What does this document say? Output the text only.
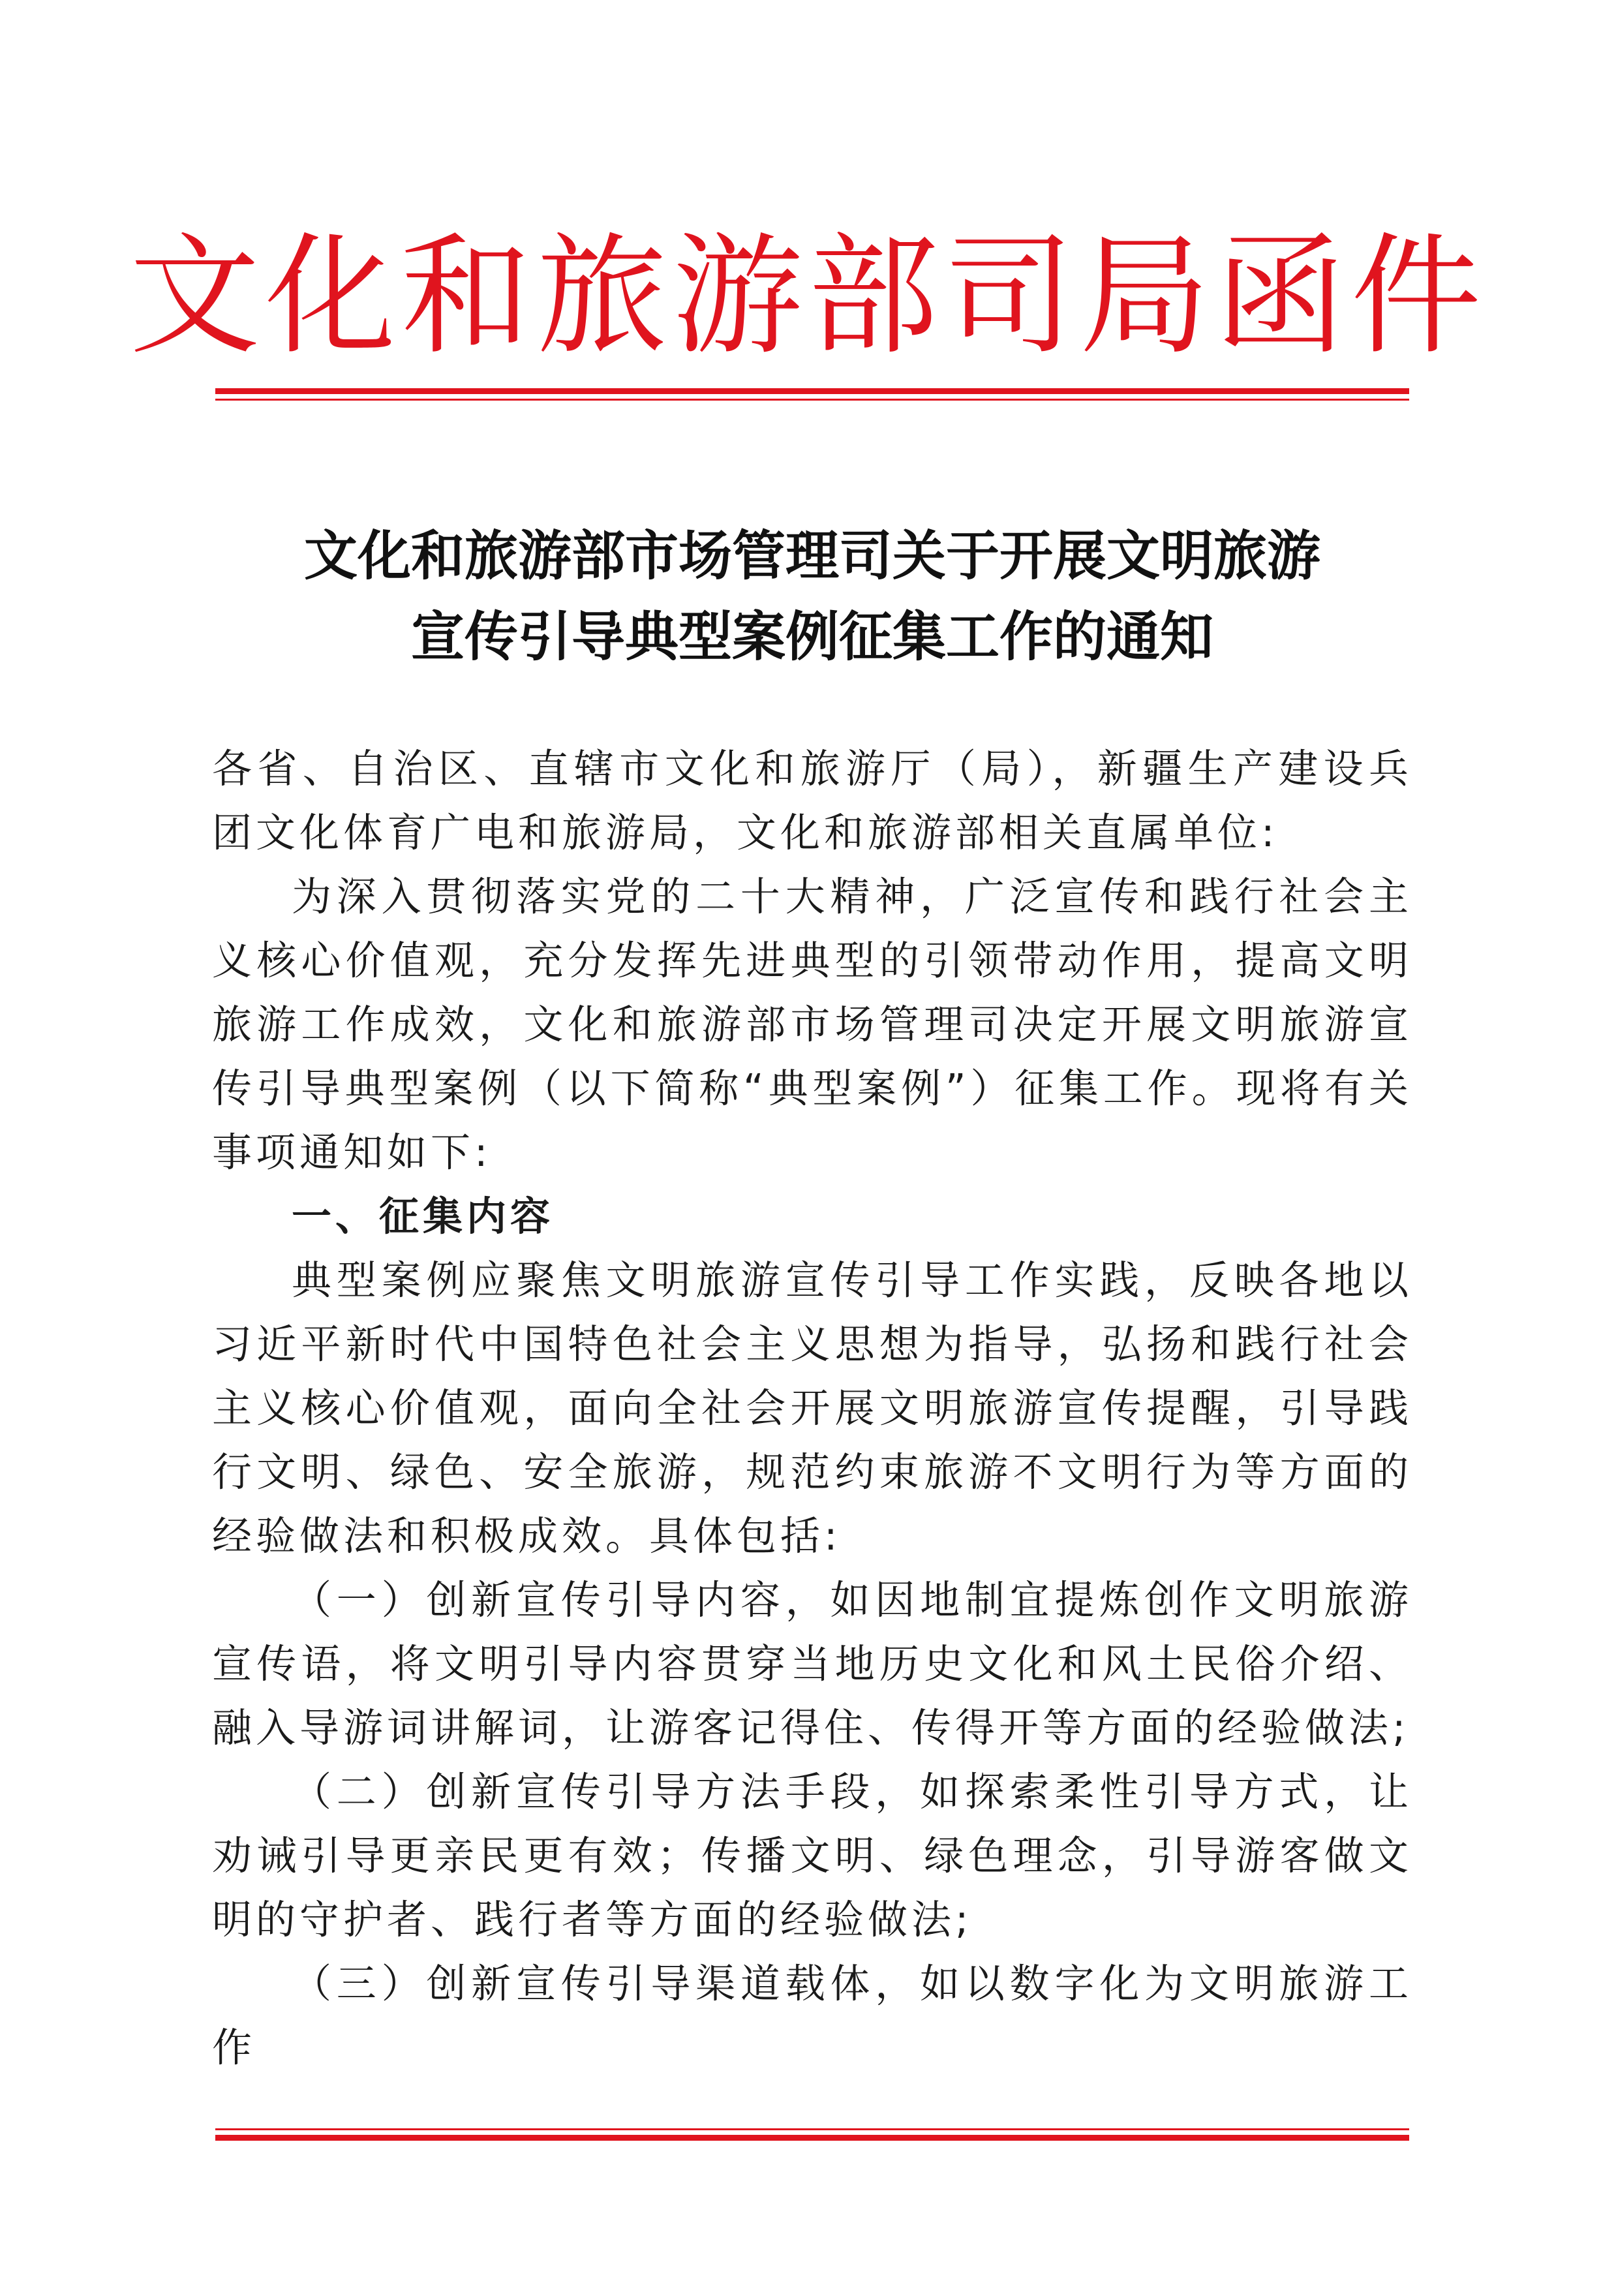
文化和旅游部司局函件
文化和旅游部市场管理司关于开展文明旅游
宣传引导典型案例征集工作的通知

各省、自治区、直辖市文化和旅游厅（局），新疆生产建设兵团文化体育广电和旅游局，文化和旅游部相关直属单位:

为深入贯彻落实党的二十大精神，广泛宣传和践行社会主义核心价值观，充分发挥先进典型的引领带动作用，提高文明旅游工作成效，文化和旅游部市场管理司决定开展文明旅游宣传引导典型案例（以下简称“典型案例”）征集工作。现将有关事项通知如下:

一、征集内容

典型案例应聚焦文明旅游宣传引导工作实践，反映各地以习近平新时代中国特色社会主义思想为指导，弘扬和践行社会主义核心价值观，面向全社会开展文明旅游宣传提醒，引导践行文明、绿色、安全旅游，规范约束旅游不文明行为等方面的经验做法和积极成效。具体包括:

（一）创新宣传引导内容，如因地制宜提炼创作文明旅游宣传语，将文明引导内容贯穿当地历史文化和风土民俗介绍、融入导游词讲解词，让游客记得住、传得开等方面的经验做法;

（二）创新宣传引导方法手段，如探索柔性引导方式，让劝诫引导更亲民更有效；传播文明、绿色理念，引导游客做文明的守护者、践行者等方面的经验做法;

（三）创新宣传引导渠道载体，如以数字化为文明旅游工作
